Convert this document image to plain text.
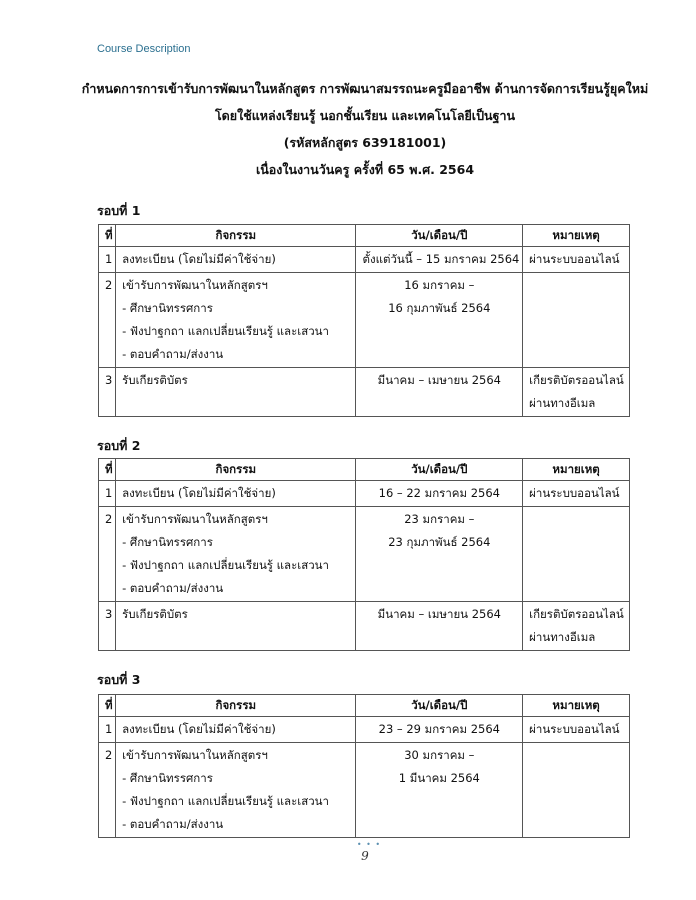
Course Description
กำหนดการการเข้ารับการพัฒนาในหลักสูตร การพัฒนาสมรรถนะครูมืออาชีพ ด้านการจัดการเรียนรู้ยุคใหม่
โดยใช้แหล่งเรียนรู้ นอกชั้นเรียน และเทคโนโลยีเป็นฐาน
(รหัสหลักสูตร 639181001)
เนื่องในงานวันครู ครั้งที่ 65 พ.ศ. 2564
รอบที่ 1
ที่	กิจกรรม	วัน/เดือน/ปี	หมายเหตุ
1	ลงทะเบียน (โดยไม่มีค่าใช้จ่าย)	ตั้งแต่วันนี้ – 15 มกราคม 2564	ผ่านระบบออนไลน์

2	เข้ารับการพัฒนาในหลักสูตรฯ
- ศึกษานิทรรศการ
- ฟังปาฐกถา แลกเปลี่ยนเรียนรู้ และเสวนา
- ตอบคำถาม/ส่งงาน	16 มกราคม –
16 กุมภาพันธ์ 2564	

3	รับเกียรติบัตร	มีนาคม – เมษายน 2564	เกียรติบัตรออนไลน์
ผ่านทางอีเมล
รอบที่ 2
ที่	กิจกรรม	วัน/เดือน/ปี	หมายเหตุ
1	ลงทะเบียน (โดยไม่มีค่าใช้จ่าย)	16 – 22 มกราคม 2564	ผ่านระบบออนไลน์

2	เข้ารับการพัฒนาในหลักสูตรฯ
- ศึกษานิทรรศการ
- ฟังปาฐกถา แลกเปลี่ยนเรียนรู้ และเสวนา
- ตอบคำถาม/ส่งงาน	23 มกราคม –
23 กุมภาพันธ์ 2564	

3	รับเกียรติบัตร	มีนาคม – เมษายน 2564	เกียรติบัตรออนไลน์
ผ่านทางอีเมล
รอบที่ 3
ที่	กิจกรรม	วัน/เดือน/ปี	หมายเหตุ
1	ลงทะเบียน (โดยไม่มีค่าใช้จ่าย)	23 – 29 มกราคม 2564	ผ่านระบบออนไลน์

2	เข้ารับการพัฒนาในหลักสูตรฯ
- ศึกษานิทรรศการ
- ฟังปาฐกถา แลกเปลี่ยนเรียนรู้ และเสวนา
- ตอบคำถาม/ส่งงาน	30 มกราคม –
1 มีนาคม 2564	

• • •
9
